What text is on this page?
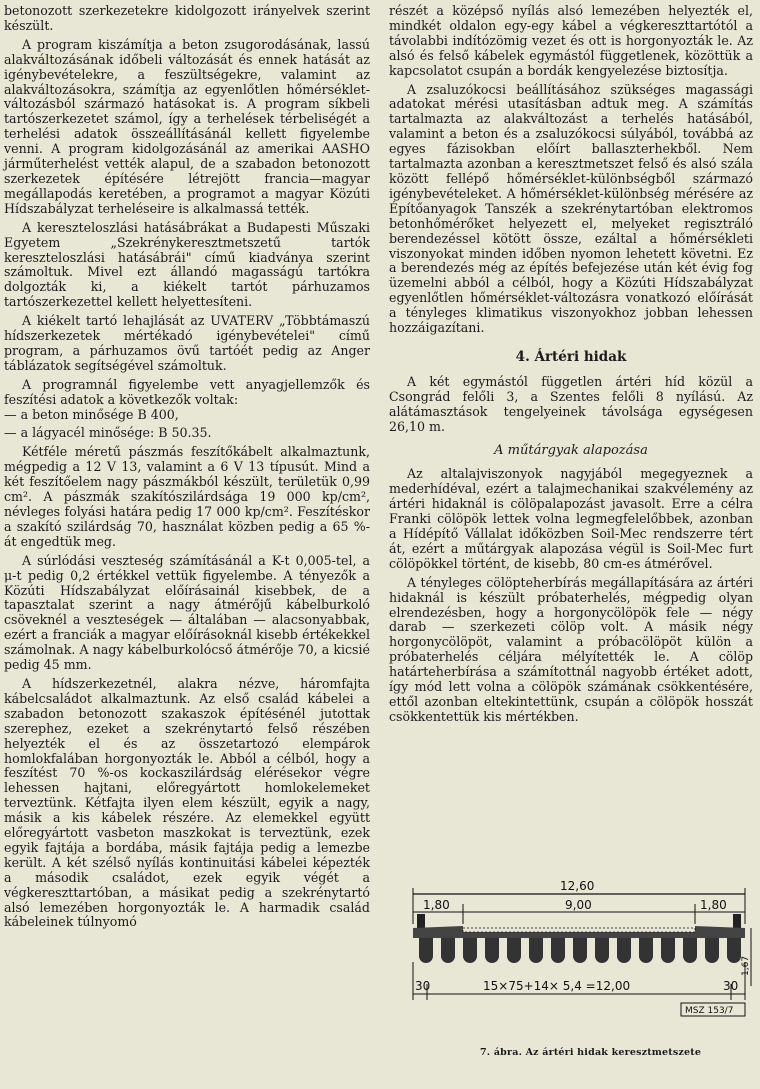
betonozott szerkezetekre kidolgozott irányelvek szerint készült.

A program kiszámítja a beton zsugorodásának, lassú alakváltozásának időbeli változását és ennek hatását az igénybevételekre, a feszültségekre, valamint az alakváltozásokra, számítja az egyenlőtlen hőmérséklet-változásból származó hatásokat is. A program síkbeli tartószerkezetet számol, így a terhelések térbeliségét a terhelési adatok összeállításánál kellett figyelembe venni. A program kidolgozásánál az amerikai AASHO járműterhelést vették alapul, de a szabadon betonozott szerkezetek építésére létrejött francia—magyar megállapodás keretében, a programot a magyar Közúti Hídszabályzat terheléseire is alkalmassá tették.

A kereszteloszlási hatásábrákat a Budapesti Műszaki Egyetem „Szekrénykeresztmetszetű tartók kereszteloszlási hatásábrái" című kiadványa szerint számoltuk. Mivel ezt állandó magasságú tartókra dolgozták ki, a kiékelt tartót párhuzamos tartószerkezettel kellett helyettesíteni.

A kiékelt tartó lehajlását az UVATERV „Többtámaszú hídszerkezetek mértékadó igénybevételei" című program, a párhuzamos övű tartóét pedig az Anger táblázatok segítségével számoltuk.

A programnál figyelembe vett anyagjellemzők és feszítési adatok a következők voltak:

— a beton minősége B 400,

— a lágyacél minősége: B 50.35.

Kétféle méretű pászmás feszítőkábelt alkalmaztunk, mégpedig a 12 V 13, valamint a 6 V 13 típusút. Mind a két feszítőelem nagy pászmákból készült, területük 0,99 cm². A pászmák szakítószilárdsága 19 000 kp/cm², névleges folyási határa pedig 17 000 kp/cm². Feszítéskor a szakító szilárdság 70, használat közben pedig a 65 %-át engedtük meg.

A súrlódási veszteség számításánál a K-t 0,005-tel, a μ-t pedig 0,2 értékkel vettük figyelembe. A tényezők a Közúti Hídszabályzat előírásainál kisebbek, de a tapasztalat szerint a nagy átmérőjű kábelburkoló csöveknél a veszteségek — általában — alacsonyabbak, ezért a franciák a magyar előírásoknál kisebb értékekkel számolnak. A nagy kábelburkolócső átmérője 70, a kicsié pedig 45 mm.

A hídszerkezetnél, alakra nézve, háromfajta kábelcsaládot alkalmaztunk. Az első család kábelei a szabadon betonozott szakaszok építésénél jutottak szerephez, ezeket a szekrénytartó felső részében helyezték el és az összetartozó elempárok homlokfalában horgonyozták le. Abból a célból, hogy a feszítést 70 %-os kockaszilárdság elérésekor végre lehessen hajtani, előregyártott homlokelemeket terveztünk. Kétfajta ilyen elem készült, egyik a nagy, másik a kis kábelek részére. Az elemekkel együtt előregyártott vasbeton maszkokat is terveztünk, ezek egyik fajtája a bordába, másik fajtája pedig a lemezbe került. A két szélső nyílás kontinuitási kábelei képezték a második családot, ezek egyik végét a végkereszttartóban, a másikat pedig a szekrénytartó alsó lemezében horgonyozták le. A harmadik család kábeleinek túlnyomó

részét a középső nyílás alsó lemezében helyezték el, mindkét oldalon egy-egy kábel a végkereszttartótól a távolabbi indítózömig vezet és ott is horgonyozták le. Az alsó és felső kábelek egymástól függetlenek, közöttük a kapcsolatot csupán a bordák kengyelezése biztosítja.

A zsaluzókocsi beállításához szükséges magassági adatokat mérési utasításban adtuk meg. A számítás tartalmazta az alakváltozást a terhelés hatásából, valamint a beton és a zsaluzókocsi súlyából, továbbá az egyes fázisokban előírt ballaszterhekből. Nem tartalmazta azonban a keresztmetszet felső és alsó szála között fellépő hőmérséklet-különbségből származó igénybevételeket. A hőmérséklet-különbség mérésére az Építőanyagok Tanszék a szekrénytartóban elektromos betonhőmérőket helyezett el, melyeket regisztráló berendezéssel kötött össze, ezáltal a hőmérsékleti viszonyokat minden időben nyomon lehetett követni. Ez a berendezés még az építés befejezése után két évig fog üzemelni abból a célból, hogy a Közúti Hídszabályzat egyenlőtlen hőmérséklet-változásra vonatkozó előírását a tényleges klimatikus viszonyokhoz jobban lehessen hozzáigazítani.

4. Ártéri hidak

A két egymástól független ártéri híd közül a Csongrád felőli 3, a Szentes felőli 8 nyílású. Az alátámasztások tengelyeinek távolsága egységesen 26,10 m.

A műtárgyak alapozása

Az altalajviszonyok nagyjából megegyeznek a mederhídéval, ezért a talajmechanikai szakvélemény az ártéri hidaknál is cölöpalapozást javasolt. Erre a célra Franki cölöpök lettek volna legmegfelelőbbek, azonban a Hídépítő Vállalat időközben Soil-Mec rendszerre tért át, ezért a műtárgyak alapozása végül is Soil-Mec furt cölöpökkel történt, de kisebb, 80 cm-es átmérővel.

A tényleges cölöpteherbírás megállapítására az ártéri hidaknál is készült próbaterhelés, mégpedig olyan elrendezésben, hogy a horgonycölöpök fele — négy darab — szerkezeti cölöp volt. A másik négy horgonycölöpöt, valamint a próbacölöpöt külön a próbaterhelés céljára mélyítették le. A cölöp határteherbírása a számítottnál nagyobb értéket adott, így mód lett volna a cölöpök számának csökkentésére, ettől azonban eltekintettünk, csupán a cölöpök hosszát csökkentettük kis mértékben.

12,60
1,80	9,00	1,80
1,67
30	30
15×75+14× 5,4 =12,00
MSZ 153/7
7. ábra. Az ártéri hidak keresztmetszete
